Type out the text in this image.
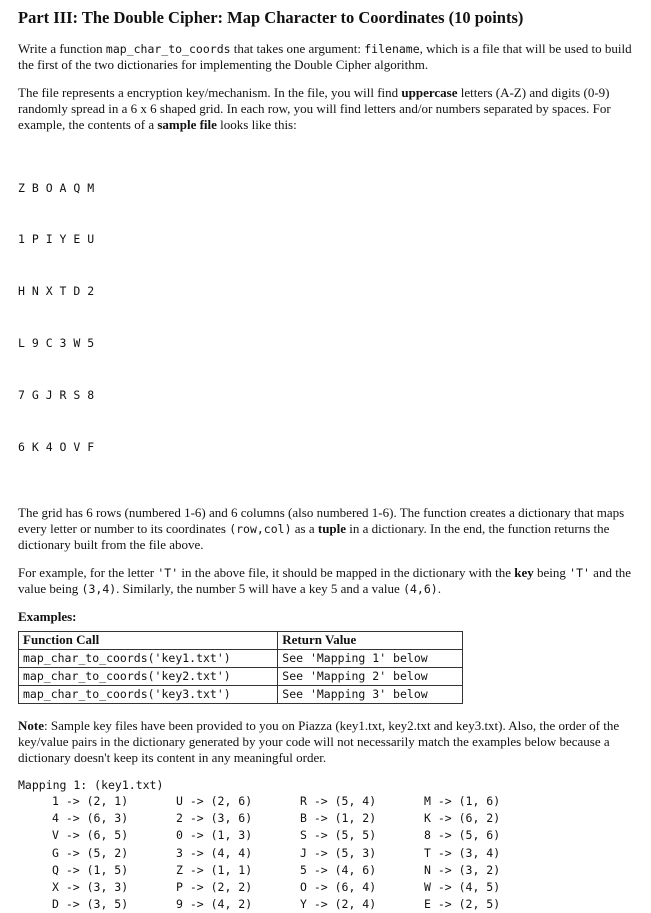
Part III: The Double Cipher: Map Character to Coordinates (10 points)

Write a function map_char_to_coords that takes one argument: filename, which is a file that will be used to build the first of the two dictionaries for implementing the Double Cipher algorithm.

The file represents a encryption key/mechanism. In the file, you will find uppercase letters (A-Z) and digits (0-9) randomly spread in a 6 x 6 shaped grid. In each row, you will find letters and/or numbers separated by spaces. For example, the contents of a sample file looks like this:

Z B O A Q M

1 P I Y E U

H N X T D 2

L 9 C 3 W 5

7 G J R S 8

6 K 4 O V F

The grid has 6 rows (numbered 1-6) and 6 columns (also numbered 1-6). The function creates a dictionary that maps every letter or number to its coordinates (row,col) as a tuple in a dictionary. In the end, the function returns the dictionary built from the file above.

For example, for the letter 'T' in the above file, it should be mapped in the dictionary with the key being 'T' and the value being (3,4). Similarly, the number 5 will have a key 5 and a value (4,6).

Examples:
Function Call	Return Value
map_char_to_coords('key1.txt')	See 'Mapping 1' below
map_char_to_coords('key2.txt')	See 'Mapping 2' below
map_char_to_coords('key3.txt')	See 'Mapping 3' below

Note: Sample key files have been provided to you on Piazza (key1.txt, key2.txt and key3.txt). Also, the order of the key/value pairs in the dictionary generated by your code will not necessarily match the examples below because a dictionary doesn't keep its content in any meaningful order.

Mapping 1: (key1.txt)
1 -> (2, 1)
4 -> (6, 3)
V -> (6, 5)
G -> (5, 2)
Q -> (1, 5)
X -> (3, 3)
D -> (3, 5)
U -> (2, 6)
2 -> (3, 6)
0 -> (1, 3)
3 -> (4, 4)
Z -> (1, 1)
P -> (2, 2)
9 -> (4, 2)
R -> (5, 4)
B -> (1, 2)
S -> (5, 5)
J -> (5, 3)
5 -> (4, 6)
O -> (6, 4)
Y -> (2, 4)
M -> (1, 6)
K -> (6, 2)
8 -> (5, 6)
T -> (3, 4)
N -> (3, 2)
W -> (4, 5)
E -> (2, 5)
